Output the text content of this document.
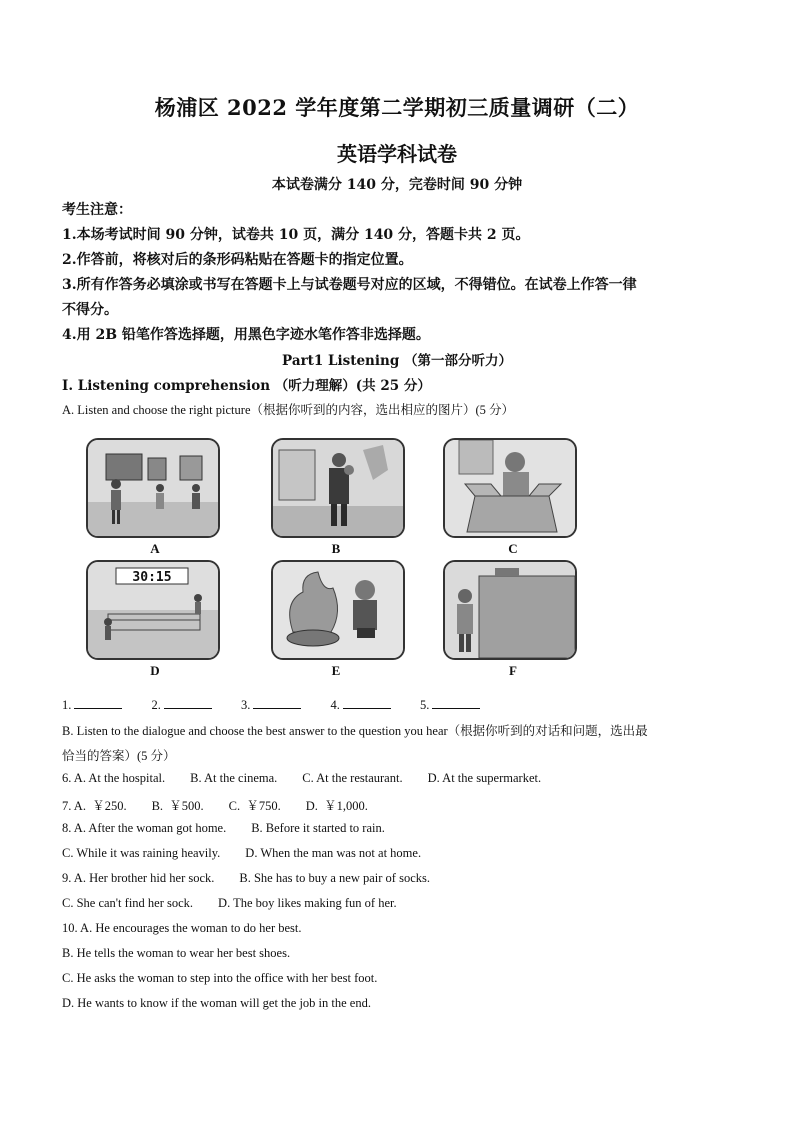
杨浦区 2022 学年度第二学期初三质量调研（二）
英语学科试卷
本试卷满分 140 分，完卷时间 90 分钟
考生注意：
1.本场考试时间 90 分钟，试卷共 10 页，满分 140 分，答题卡共 2 页。
2.作答前，将核对后的条形码粘贴在答题卡的指定位置。
3.所有作答务必填涂或书写在答题卡上与试卷题号对应的区域，不得错位。在试卷上作答一律
不得分。
4.用 2B 铅笔作答选择题，用黑色字迹水笔作答非选择题。
Part1 Listening （第一部分听力）
Ⅰ. Listening comprehension （听力理解）(共 25 分）
A. Listen and choose the right picture（根据你听到的内容，选出相应的图片）(5 分）
A	B	C
30:15
D	E	F
1.	2.	3.	4.	5.
B. Listen to the dialogue and choose the best answer to the question you hear（根据你听到的对话和问题，选出最
恰当的答案）(5 分）
6. A. At the hospital.        B. At the cinema.        C. At the restaurant.        D. At the supermarket.
7. A.  ￥250.        B.  ￥500.        C.  ￥750.        D.  ￥1,000.
8. A. After the woman got home.        B. Before it started to rain.
C. While it was raining heavily.        D. When the man was not at home.
9. A. Her brother hid her sock.        B. She has to buy a new pair of socks.
C. She can't find her sock.        D. The boy likes making fun of her.
10. A. He encourages the woman to do her best.
B. He tells the woman to wear her best shoes.
C. He asks the woman to step into the office with her best foot.
D. He wants to know if the woman will get the job in the end.
